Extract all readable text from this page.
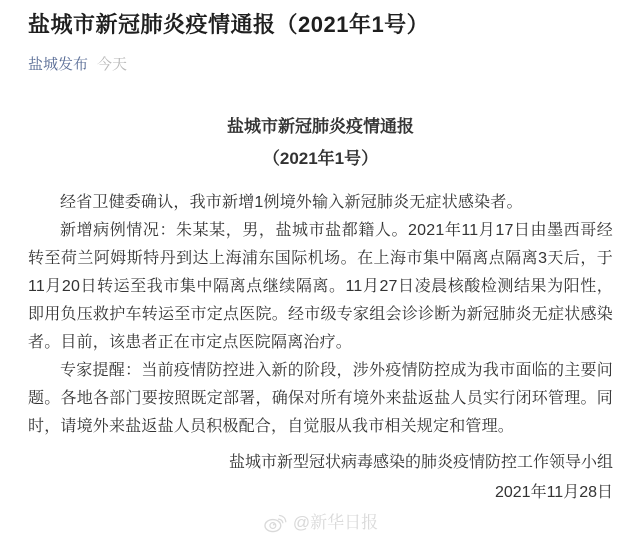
盐城市新冠肺炎疫情通报（2021年1号）
盐城发布 今天
盐城市新冠肺炎疫情通报
（2021年1号）

经省卫健委确认，我市新增1例境外输入新冠肺炎无症状感染者。

新增病例情况：朱某某，男，盐城市盐都籍人。2021年11月17日由墨西哥经转至荷兰阿姆斯特丹到达上海浦东国际机场。在上海市集中隔离点隔离3天后，于11月20日转运至我市集中隔离点继续隔离。11月27日凌晨核酸检测结果为阳性，即用负压救护车转运至市定点医院。经市级专家组会诊诊断为新冠肺炎无症状感染者。目前，该患者正在市定点医院隔离治疗。

专家提醒：当前疫情防控进入新的阶段，涉外疫情防控成为我市面临的主要问题。各地各部门要按照既定部署，确保对所有境外来盐返盐人员实行闭环管理。同时，请境外来盐返盐人员积极配合，自觉服从我市相关规定和管理。

盐城市新型冠状病毒感染的肺炎疫情防控工作领导小组
2021年11月28日
@新华日报
